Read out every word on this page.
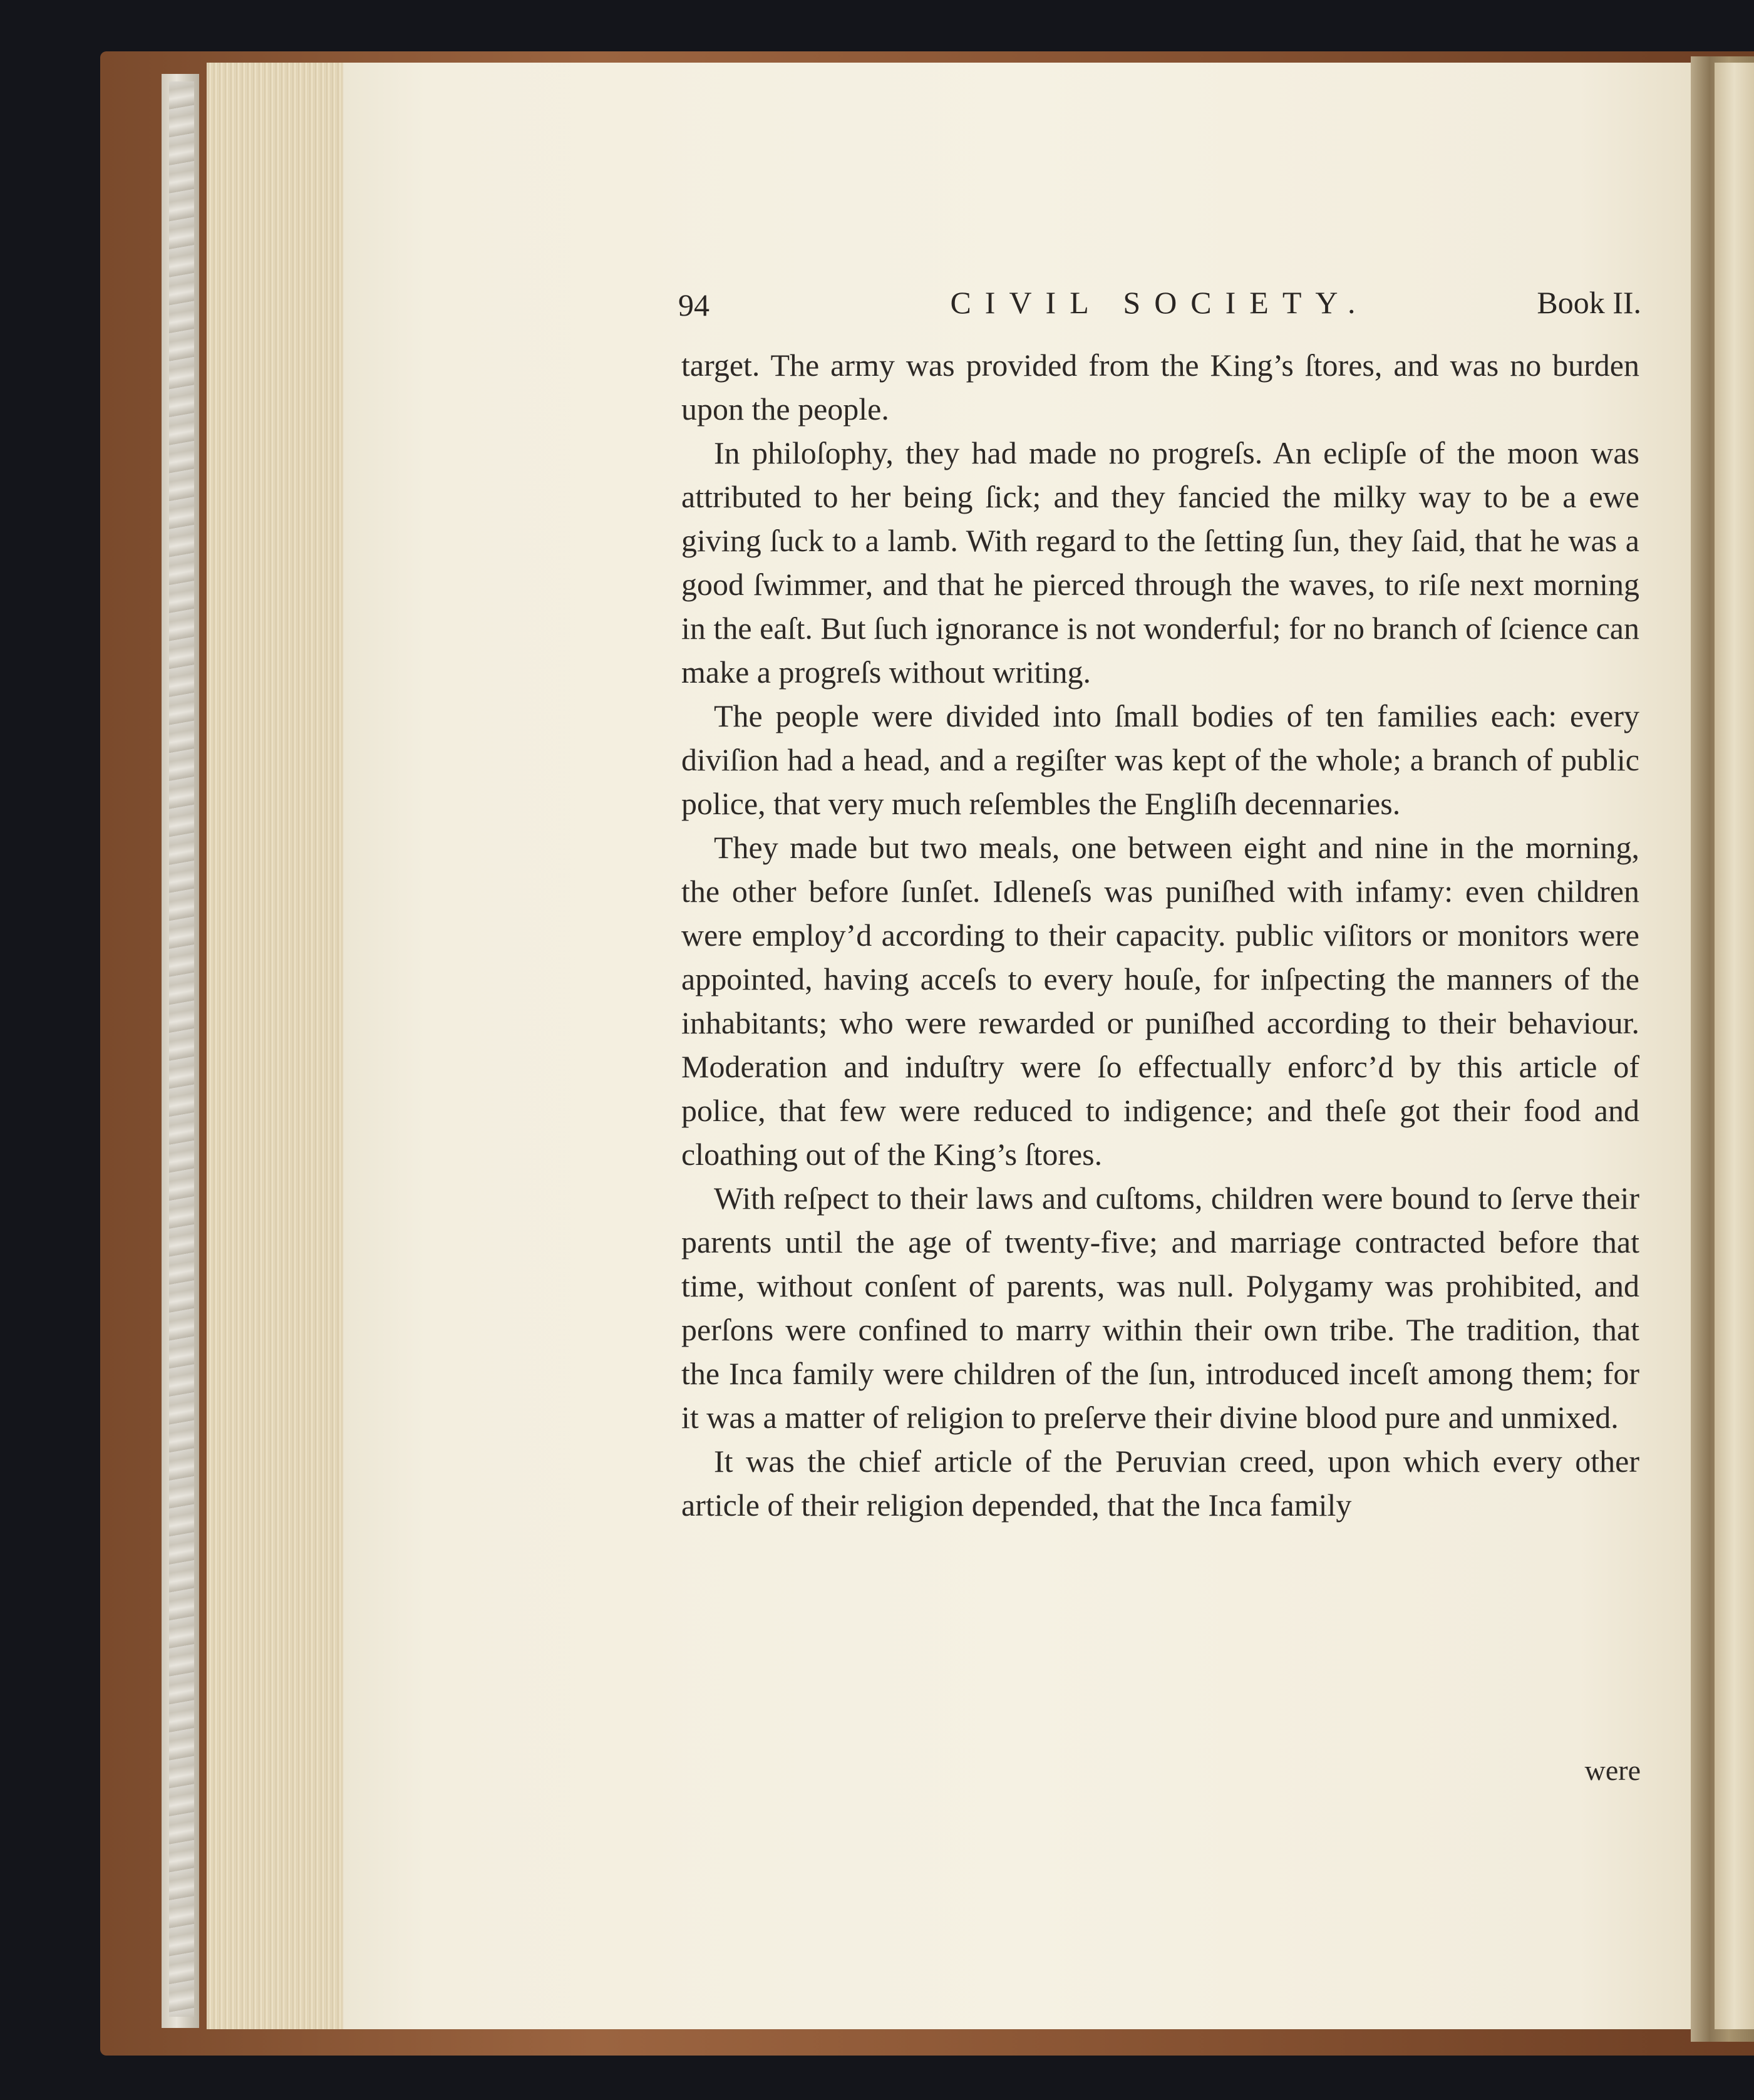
94	CIVIL SOCIETY.	Book II.

target. The army was provided from the King’s ſtores, and was no burden upon the people.

In philoſophy, they had made no progreſs. An eclipſe of the moon was attributed to her being ſick; and they fancied the milky way to be a ewe giving ſuck to a lamb. With regard to the ſetting ſun, they ſaid, that he was a good ſwimmer, and that he pierced through the waves, to riſe next morning in the eaſt. But ſuch ignorance is not wonderful; for no branch of ſcience can make a progreſs without writing.

The people were divided into ſmall bodies of ten families each: every diviſion had a head, and a regiſter was kept of the whole; a branch of public police, that very much reſembles the Engliſh decennaries.

They made but two meals, one between eight and nine in the morning, the other before ſunſet. Idleneſs was puniſhed with infamy: even children were employ’d according to their capacity. public viſitors or monitors were appointed, having acceſs to every houſe, for inſpecting the manners of the inhabitants; who were rewarded or puniſhed according to their behaviour. Moderation and induſtry were ſo effectually enforc’d by this article of police, that few were reduced to indigence; and theſe got their food and cloathing out of the King’s ſtores.

With reſpect to their laws and cuſtoms, children were bound to ſerve their parents until the age of twenty-five; and marriage contracted before that time, without conſent of parents, was null. Polygamy was prohibited, and perſons were confined to marry within their own tribe. The tradition, that the Inca family were children of the ſun, introduced inceſt among them; for it was a matter of religion to preſerve their divine blood pure and unmixed.

It was the chief article of the Peruvian creed, upon which every other article of their religion depended, that the Inca family

were
